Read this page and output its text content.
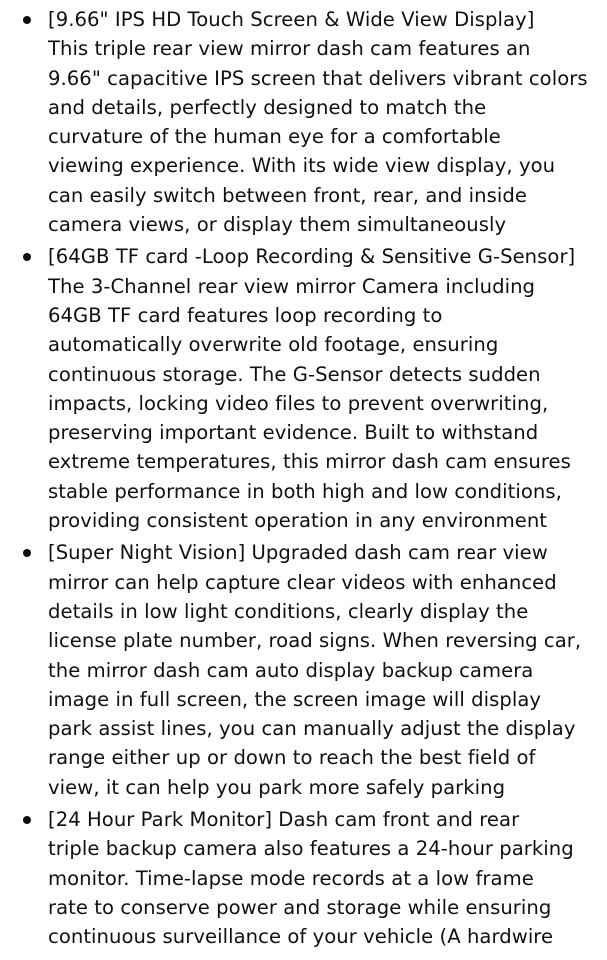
[9.66" IPS HD Touch Screen & Wide View Display]
This triple rear view mirror dash cam features an
9.66" capacitive IPS screen that delivers vibrant colors
and details, perfectly designed to match the
curvature of the human eye for a comfortable
viewing experience. With its wide view display, you
can easily switch between front, rear, and inside
camera views, or display them simultaneously
[64GB TF card -Loop Recording & Sensitive G-Sensor]
The 3-Channel rear view mirror Camera including
64GB TF card features loop recording to
automatically overwrite old footage, ensuring
continuous storage. The G-Sensor detects sudden
impacts, locking video files to prevent overwriting,
preserving important evidence. Built to withstand
extreme temperatures, this mirror dash cam ensures
stable performance in both high and low conditions,
providing consistent operation in any environment
[Super Night Vision] Upgraded dash cam rear view
mirror can help capture clear videos with enhanced
details in low light conditions, clearly display the
license plate number, road signs. When reversing car,
the mirror dash cam auto display backup camera
image in full screen, the screen image will display
park assist lines, you can manually adjust the display
range either up or down to reach the best field of
view, it can help you park more safely parking
[24 Hour Park Monitor] Dash cam front and rear
triple backup camera also features a 24-hour parking
monitor. Time-lapse mode records at a low frame
rate to conserve power and storage while ensuring
continuous surveillance of your vehicle (A hardwire
